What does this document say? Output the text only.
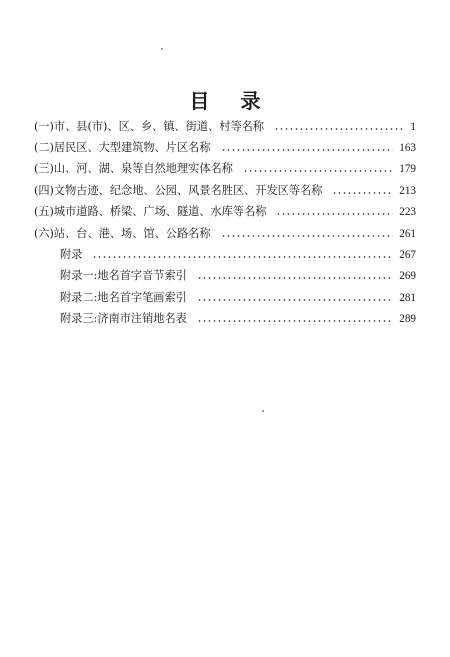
目 录
(一)市、县(市)、区、乡、镇、街道、村等名称	1
(二)居民区、大型建筑物、片区名称	163
(三)山、河、湖、泉等自然地理实体名称	179
(四)文物古迹、纪念地、公园、风景名胜区、开发区等名称	213
(五)城市道路、桥梁、广场、隧道、水库等名称	223
(六)站、台、港、场、馆、公路名称	261
附录	267
附录一:地名首字音节索引	269
附录二:地名首字笔画索引	281
附录三:济南市注销地名表	289
